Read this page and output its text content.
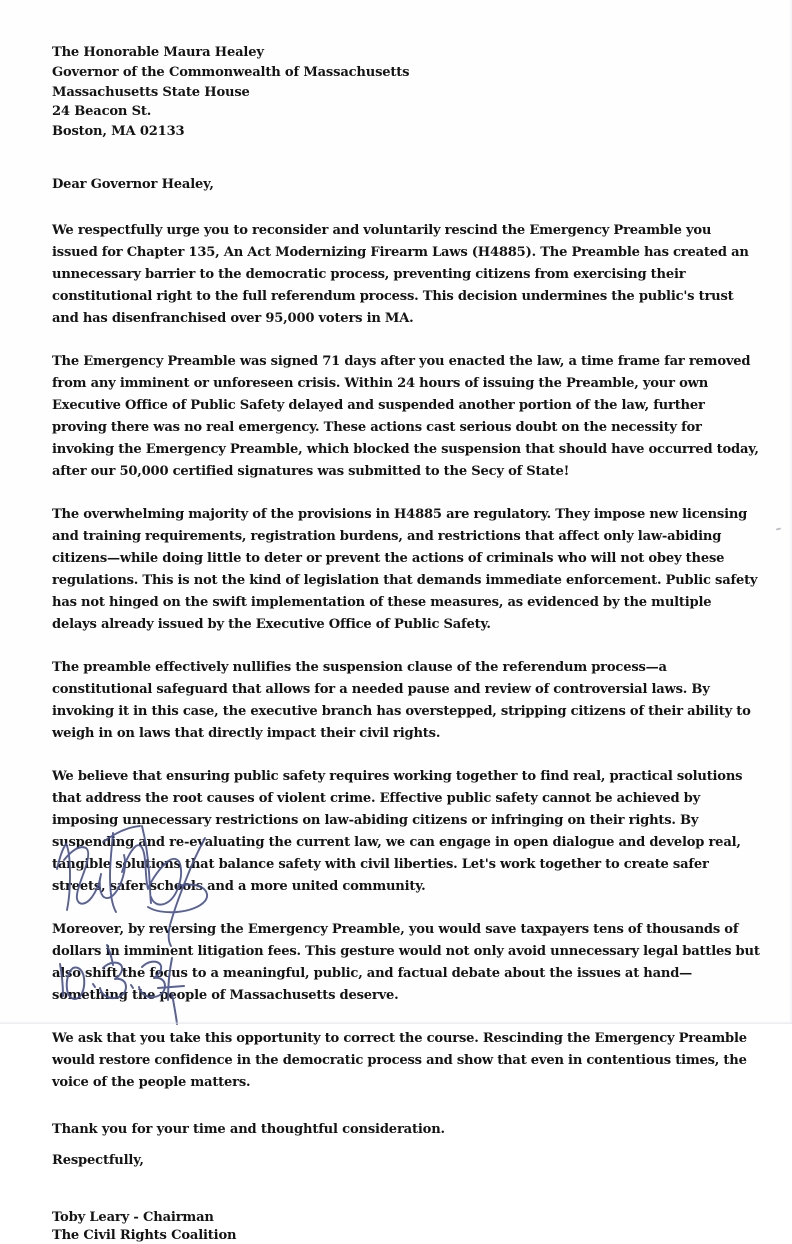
The Honorable Maura Healey
Governor of the Commonwealth of Massachusetts
Massachusetts State House
24 Beacon St.
Boston, MA 02133
Dear Governor Healey,
We respectfully urge you to reconsider and voluntarily rescind the Emergency Preamble you issued for Chapter 135, An Act Modernizing Firearm Laws (H4885). The Preamble has created an unnecessary barrier to the democratic process, preventing citizens from exercising their constitutional right to the full referendum process. This decision undermines the public's trust and has disenfranchised over 95,000 voters in MA.
The Emergency Preamble was signed 71 days after you enacted the law, a time frame far removed from any imminent or unforeseen crisis. Within 24 hours of issuing the Preamble, your own Executive Office of Public Safety delayed and suspended another portion of the law, further proving there was no real emergency. These actions cast serious doubt on the necessity for invoking the Emergency Preamble, which blocked the suspension that should have occurred today, after our 50,000 certified signatures was submitted to the Secy of State!
The overwhelming majority of the provisions in H4885 are regulatory. They impose new licensing and training requirements, registration burdens, and restrictions that affect only law-abiding citizens—while doing little to deter or prevent the actions of criminals who will not obey these regulations. This is not the kind of legislation that demands immediate enforcement. Public safety has not hinged on the swift implementation of these measures, as evidenced by the multiple delays already issued by the Executive Office of Public Safety.
The preamble effectively nullifies the suspension clause of the referendum process—a constitutional safeguard that allows for a needed pause and review of controversial laws. By invoking it in this case, the executive branch has overstepped, stripping citizens of their ability to weigh in on laws that directly impact their civil rights.
We believe that ensuring public safety requires working together to find real, practical solutions that address the root causes of violent crime. Effective public safety cannot be achieved by imposing unnecessary restrictions on law-abiding citizens or infringing on their rights. By suspending and re-evaluating the current law, we can engage in open dialogue and develop real, tangible solutions that balance safety with civil liberties. Let's work together to create safer streets, safer schools and a more united community.
Moreover, by reversing the Emergency Preamble, you would save taxpayers tens of thousands of dollars in imminent litigation fees. This gesture would not only avoid unnecessary legal battles but also shift the focus to a meaningful, public, and factual debate about the issues at hand—something the people of Massachusetts deserve.
We ask that you take this opportunity to correct the course. Rescinding the Emergency Preamble would restore confidence in the democratic process and show that even in contentious times, the voice of the people matters.
Thank you for your time and thoughtful consideration.
Respectfully,
Toby Leary - Chairman
The Civil Rights Coalition
